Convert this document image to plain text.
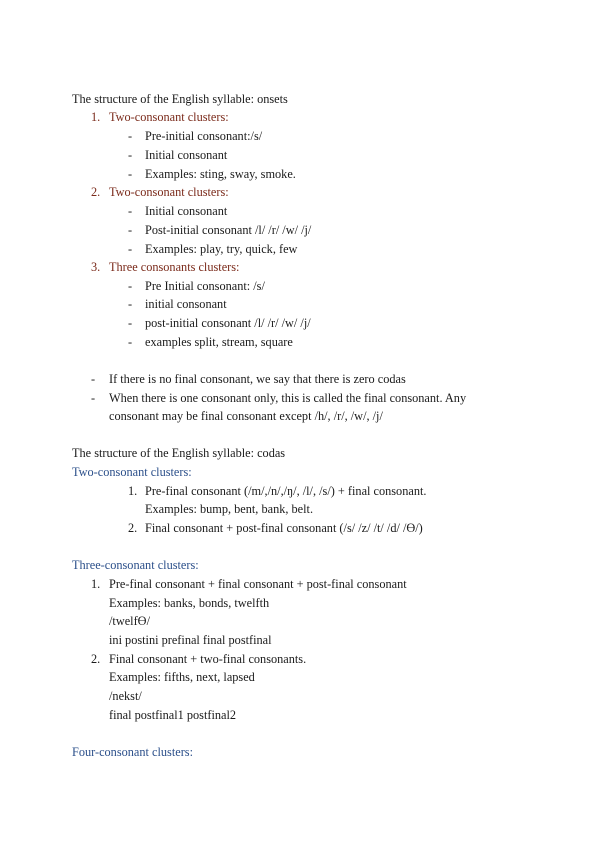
The structure of the English syllable: onsets
1. Two-consonant clusters:
- Pre-initial consonant:/s/
- Initial consonant
- Examples: sting, sway, smoke.
2. Two-consonant clusters:
- Initial consonant
- Post-initial consonant /l/ /r/ /w/ /j/
- Examples: play, try, quick, few
3. Three consonants clusters:
- Pre Initial consonant: /s/
- initial consonant
- post-initial consonant /l/ /r/ /w/ /j/
- examples split, stream, square
- If there is no final consonant, we say that there is zero codas
- When there is one consonant only, this is called the final consonant. Any
consonant may be final consonant except /h/, /r/, /w/, /j/
The structure of the English syllable: codas
Two-consonant clusters:
1. Pre-final consonant (/m/,/n/,/ŋ/, /l/, /s/) + final consonant.
Examples: bump, bent, bank, belt.
2. Final consonant + post-final consonant (/s/ /z/ /t/ /d/ /Ɵ/)
Three-consonant clusters:
1. Pre-final consonant + final consonant + post-final consonant
Examples: banks, bonds, twelfth
/twelfƟ/
ini postini prefinal final postfinal
2. Final consonant + two-final consonants.
Examples: fifths, next, lapsed
/nekst/
final postfinal1 postfinal2
Four-consonant clusters:
